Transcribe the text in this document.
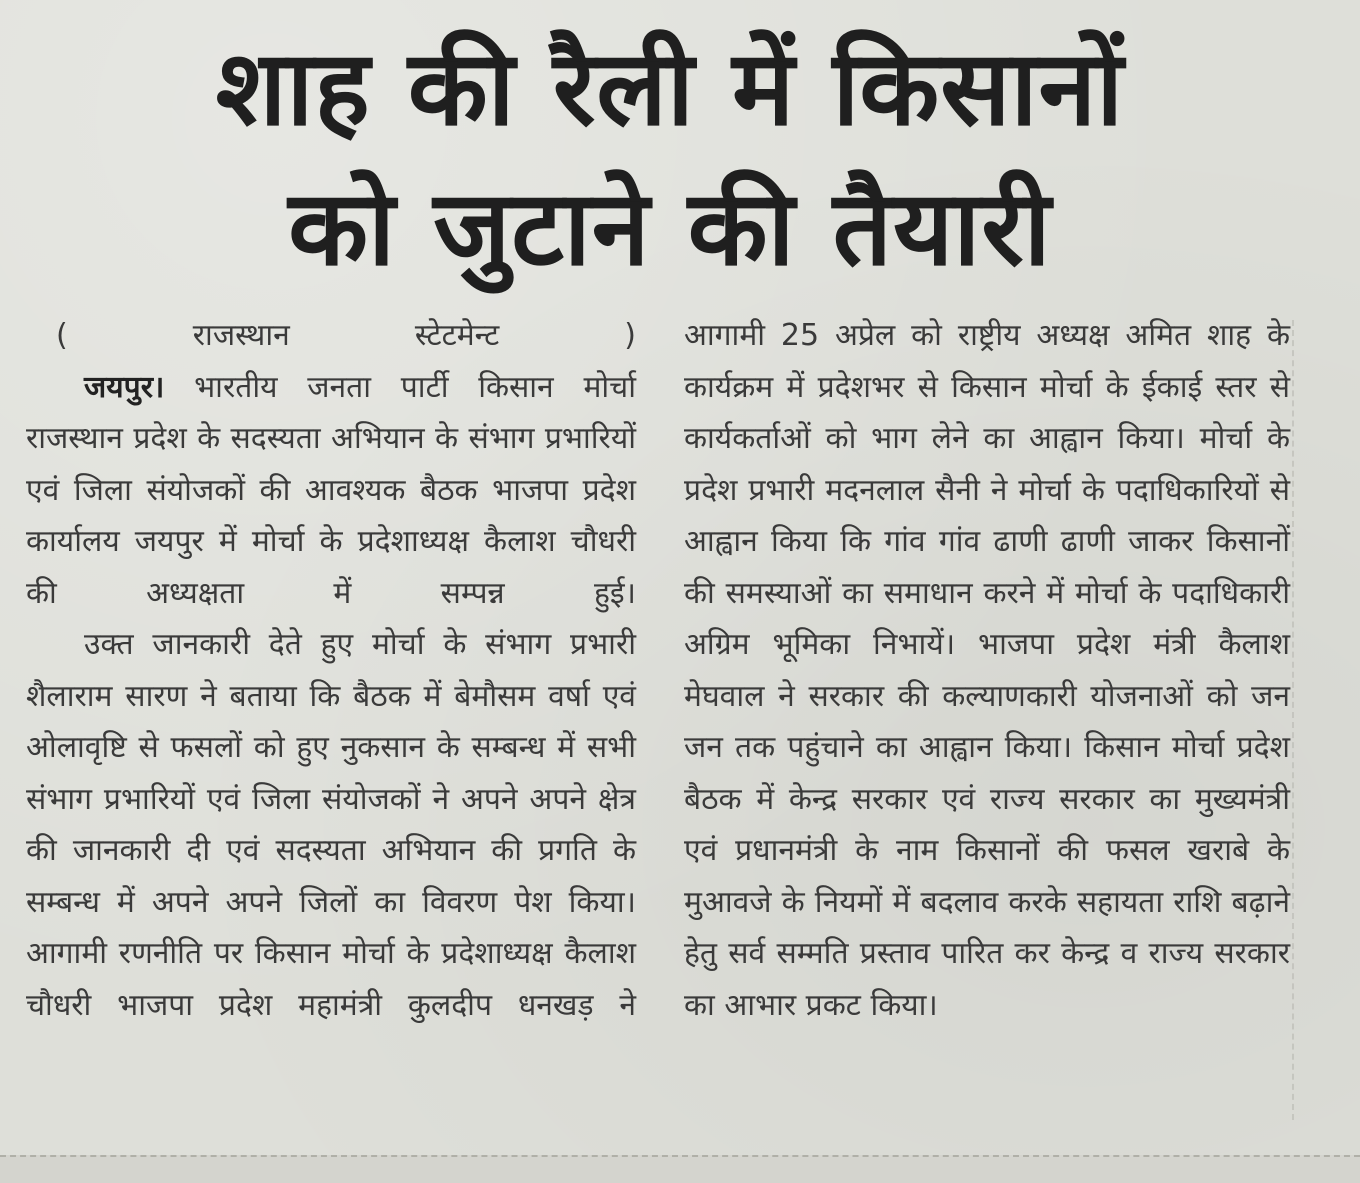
शाह की रैली में किसानों
को जुटाने की तैयारी

( राजस्थान स्टेटमेन्ट )

जयपुर। भारतीय जनता पार्टी किसान मोर्चा राजस्थान प्रदेश के सदस्यता अभियान के संभाग प्रभारियों एवं जिला संयोजकों की आवश्यक बैठक भाजपा प्रदेश कार्यालय जयपुर में मोर्चा के प्रदेशाध्यक्ष कैलाश चौधरी की अध्यक्षता में सम्पन्न हुई।

उक्त जानकारी देते हुए मोर्चा के संभाग प्रभारी शैलाराम सारण ने बताया कि बैठक में बेमौसम वर्षा एवं ओलावृष्टि से फसलों को हुए नुकसान के सम्बन्ध में सभी संभाग प्रभारियों एवं जिला संयोजकों ने अपने अपने क्षेत्र की जानकारी दी एवं सदस्यता अभियान की प्रगति के सम्बन्ध में अपने अपने जिलों का विवरण पेश किया। आगामी रणनीति पर किसान मोर्चा के प्रदेशाध्यक्ष कैलाश चौधरी भाजपा प्रदेश महामंत्री कुलदीप धनखड़ ने

आगामी 25 अप्रेल को राष्ट्रीय अध्यक्ष अमित शाह के कार्यक्रम में प्रदेशभर से किसान मोर्चा के ईकाई स्तर से कार्यकर्ताओं को भाग लेने का आह्वान किया। मोर्चा के प्रदेश प्रभारी मदनलाल सैनी ने मोर्चा के पदाधिकारियों से आह्वान किया कि गांव गांव ढाणी ढाणी जाकर किसानों की समस्याओं का समाधान करने में मोर्चा के पदाधिकारी अग्रिम भूमिका निभायें। भाजपा प्रदेश मंत्री कैलाश मेघवाल ने सरकार की कल्याणकारी योजनाओं को जन जन तक पहुंचाने का आह्वान किया। किसान मोर्चा प्रदेश बैठक में केन्द्र सरकार एवं राज्य सरकार का मुख्यमंत्री एवं प्रधानमंत्री के नाम किसानों की फसल खराबे के मुआवजे के नियमों में बदलाव करके सहायता राशि बढ़ाने हेतु सर्व सम्मति प्रस्ताव पारित कर केन्द्र व राज्य सरकार का आभार प्रकट किया।
